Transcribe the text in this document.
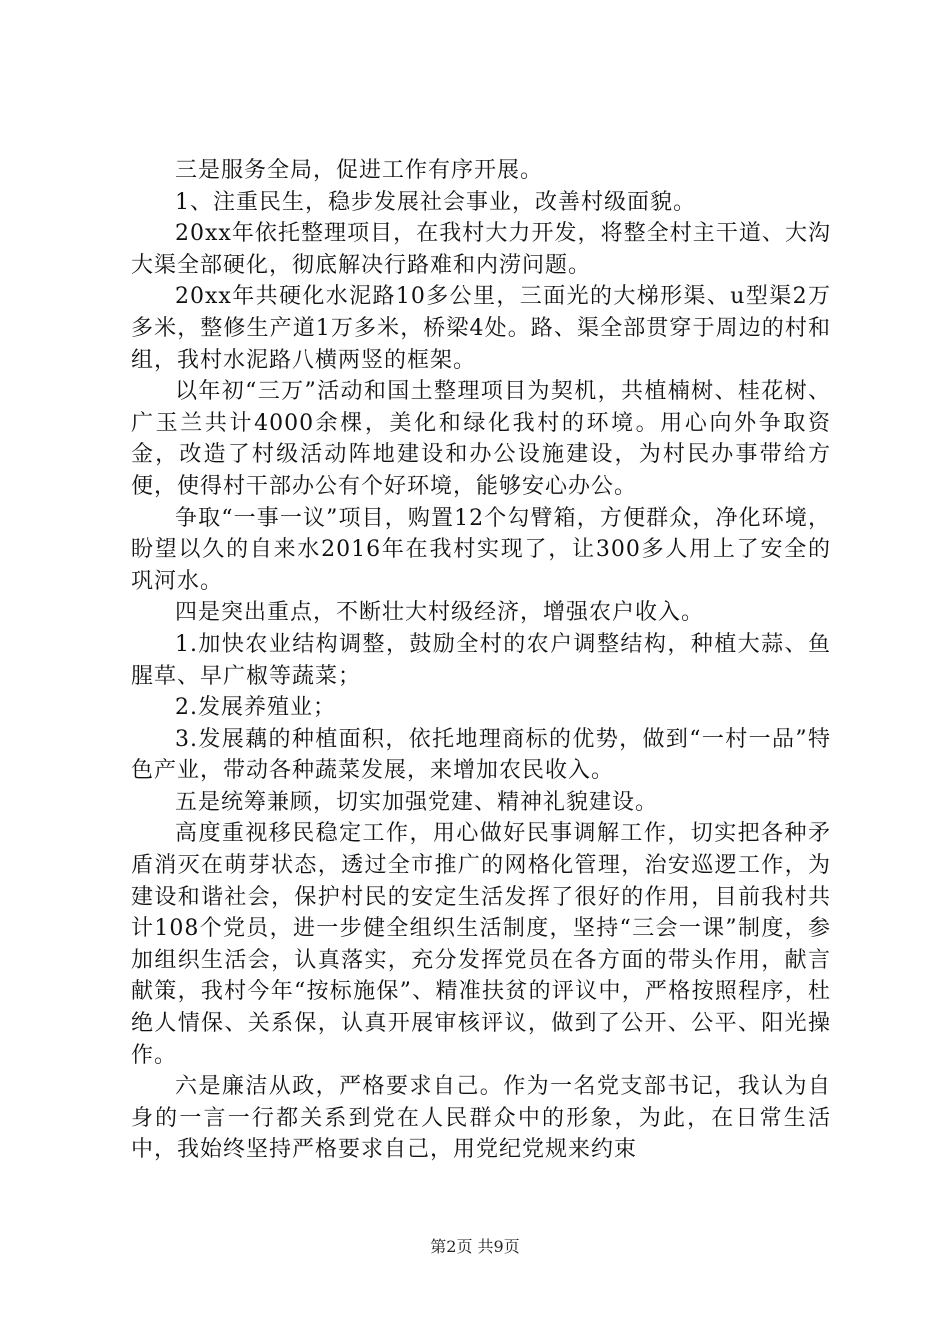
三是服务全局，促进工作有序开展。

1、注重民生，稳步发展社会事业，改善村级面貌。

20xx年依托整理项目，在我村大力开发，将整全村主干道、大沟大渠全部硬化，彻底解决行路难和内涝问题。

20xx年共硬化水泥路10多公里，三面光的大梯形渠、u型渠2万多米，整修生产道1万多米，桥梁4处。路、渠全部贯穿于周边的村和组，我村水泥路八横两竖的框架。

以年初“三万”活动和国土整理项目为契机，共植楠树、桂花树、广玉兰共计4000余棵，美化和绿化我村的环境。用心向外争取资金，改造了村级活动阵地建设和办公设施建设，为村民办事带给方便，使得村干部办公有个好环境，能够安心办公。

争取“一事一议”项目，购置12个勾臂箱，方便群众，净化环境，盼望以久的自来水2016年在我村实现了，让300多人用上了安全的巩河水。

四是突出重点，不断壮大村级经济，增强农户收入。

1.加快农业结构调整，鼓励全村的农户调整结构，种植大蒜、鱼腥草、早广椒等蔬菜；

2.发展养殖业；

3.发展藕的种植面积，依托地理商标的优势，做到“一村一品”特色产业，带动各种蔬菜发展，来增加农民收入。

五是统筹兼顾，切实加强党建、精神礼貌建设。

高度重视移民稳定工作，用心做好民事调解工作，切实把各种矛盾消灭在萌芽状态，透过全市推广的网格化管理，治安巡逻工作，为建设和谐社会，保护村民的安定生活发挥了很好的作用，目前我村共计108个党员，进一步健全组织生活制度，坚持“三会一课”制度，参加组织生活会，认真落实，充分发挥党员在各方面的带头作用，献言献策，我村今年“按标施保”、精准扶贫的评议中，严格按照程序，杜绝人情保、关系保，认真开展审核评议，做到了公开、公平、阳光操作。

六是廉洁从政，严格要求自己。作为一名党支部书记，我认为自身的一言一行都关系到党在人民群众中的形象，为此，在日常生活中，我始终坚持严格要求自己，用党纪党规来约束

第2页 共9页
